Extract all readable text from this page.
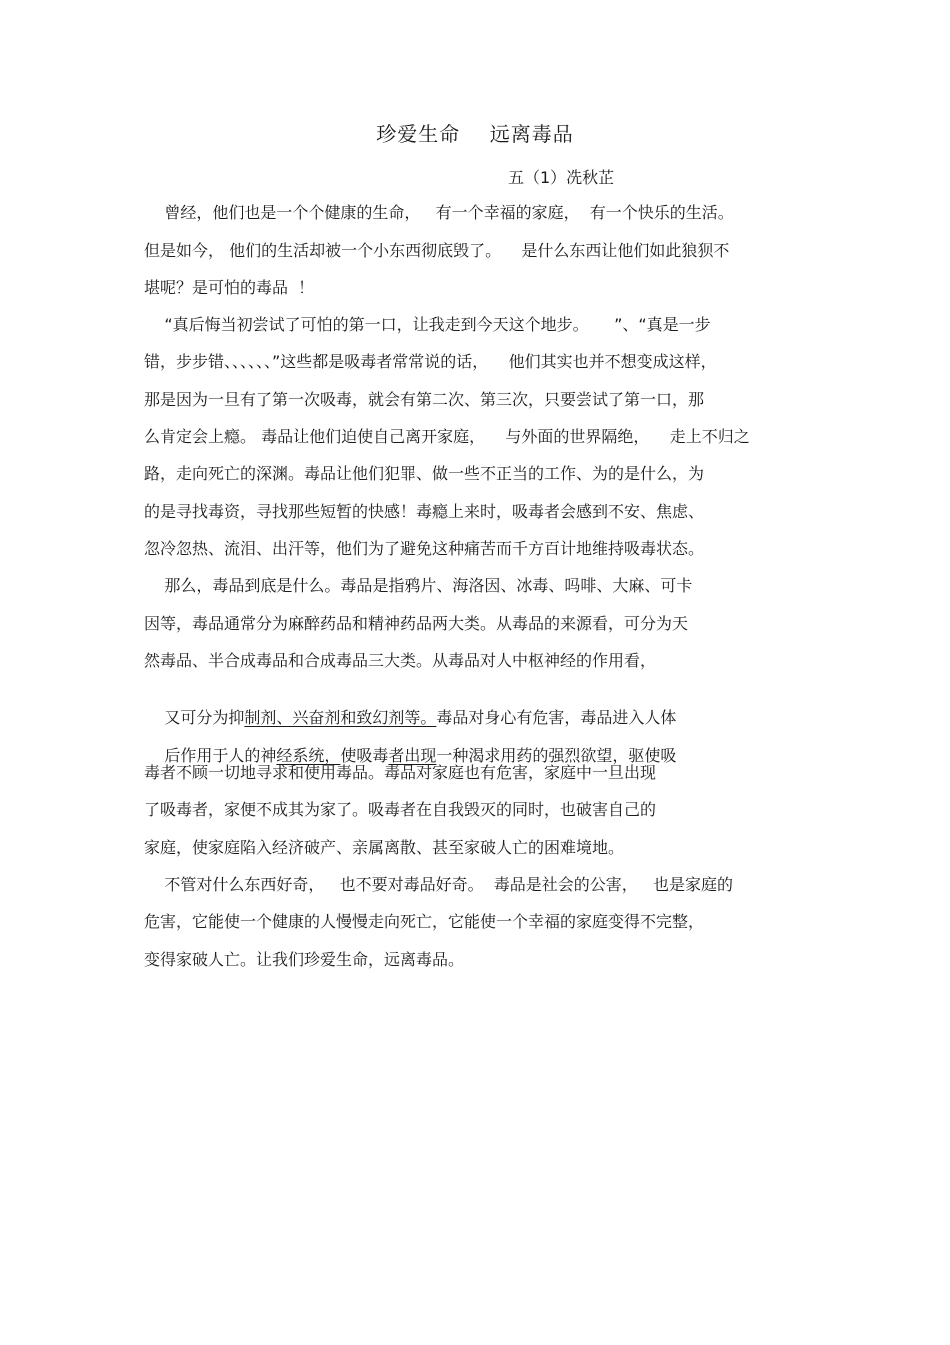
珍爱生命    远离毒品
五（1）冼秋芷
曾经，他们也是一个个健康的生命，   有一个幸福的家庭，  有一个快乐的生活。
但是如今， 他们的生活却被一个小东西彻底毁了。    是什么东西让他们如此狼狈不
堪呢？是可怕的毒品  ！
“真后悔当初尝试了可怕的第一口，让我走到今天这个地步。     ”、“真是一步
错，步步错、、、、、、”这些都是吸毒者常常说的话，    他们其实也并不想变成这样，
那是因为一旦有了第一次吸毒，就会有第二次、第三次，只要尝试了第一口，那
么肯定会上瘾。 毒品让他们迫使自己离开家庭，    与外面的世界隔绝，    走上不归之
路，走向死亡的深渊。毒品让他们犯罪、做一些不正当的工作、为的是什么，为
的是寻找毒资，寻找那些短暂的快感！毒瘾上来时，吸毒者会感到不安、焦虑、
忽冷忽热、流泪、出汗等，他们为了避免这种痛苦而千方百计地维持吸毒状态。
那么，毒品到底是什么。毒品是指鸦片、海洛因、冰毒、吗啡、大麻、可卡
因等，毒品通常分为麻醉药品和精神药品两大类。从毒品的来源看，可分为天
然毒品、半合成毒品和合成毒品三大类。从毒品对人中枢神经的作用看，

又可分为抑制剂、兴奋剂和致幻剂等。毒品对身心有危害，毒品进入人体

后作用于人的神经系统，使吸毒者出现一种渴求用药的强烈欲望，驱使吸

毒者不顾一切地寻求和使用毒品。毒品对家庭也有危害，家庭中一旦出现
了吸毒者，家便不成其为家了。吸毒者在自我毁灭的同时，也破害自己的
家庭，使家庭陷入经济破产、亲属离散、甚至家破人亡的困难境地。
不管对什么东西好奇，   也不要对毒品好奇。  毒品是社会的公害，   也是家庭的
危害，它能使一个健康的人慢慢走向死亡，它能使一个幸福的家庭变得不完整，
变得家破人亡。让我们珍爱生命，远离毒品。
